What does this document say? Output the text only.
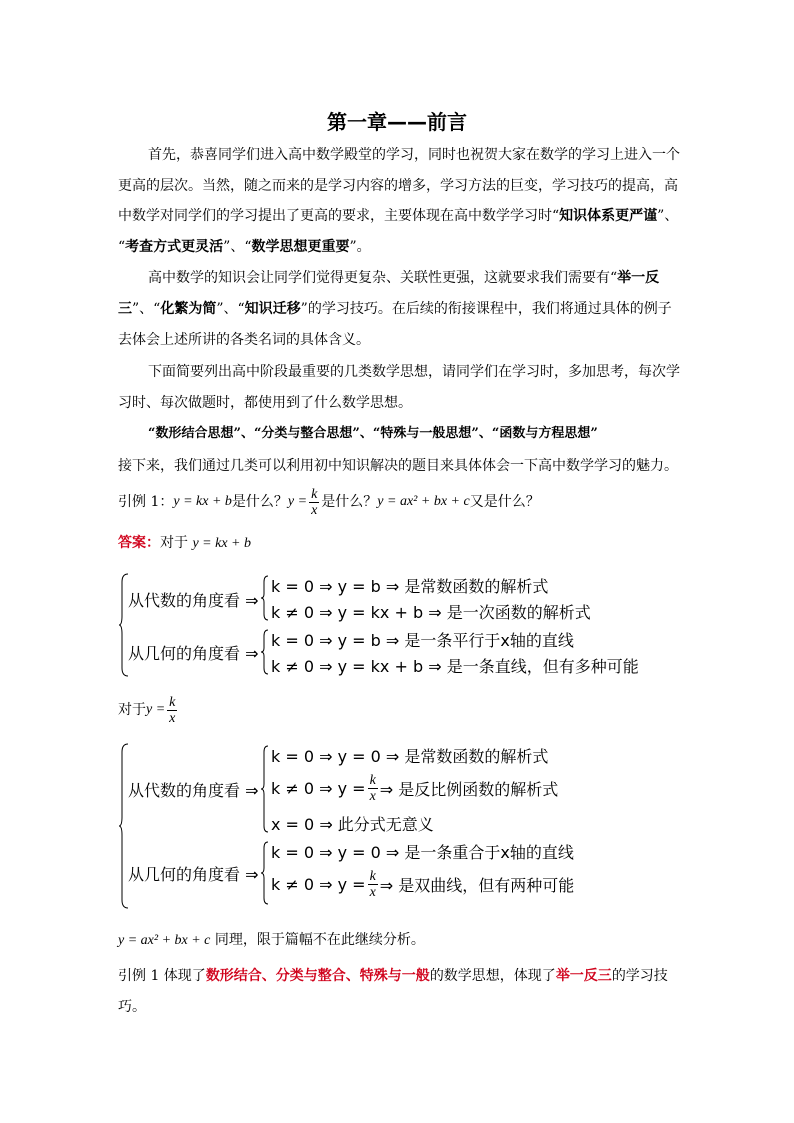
第一章——前言
首先，恭喜同学们进入高中数学殿堂的学习，同时也祝贺大家在数学的学习上进入一个
更高的层次。当然，随之而来的是学习内容的增多，学习方法的巨变，学习技巧的提高，高
中数学对同学们的学习提出了更高的要求，主要体现在高中数学学习时“知识体系更严谨”、
“考查方式更灵活”、“数学思想更重要”。
高中数学的知识会让同学们觉得更复杂、关联性更强，这就要求我们需要有“举一反
三”、“化繁为简”、“知识迁移”的学习技巧。在后续的衔接课程中，我们将通过具体的例子
去体会上述所讲的各类名词的具体含义。
下面简要列出高中阶段最重要的几类数学思想，请同学们在学习时，多加思考，每次学
习时、每次做题时，都使用到了什么数学思想。
“数形结合思想”、“分类与整合思想”、“特殊与一般思想”、“函数与方程思想”
接下来，我们通过几类可以利用初中知识解决的题目来具体体会一下高中数学学习的魅力。
引例 1： y = kx + b 是什么？ $y = \frac{k}{x}$ 是什么？ y = ax² + bx + c 又是什么？
答案：对于 y = kx + b
从代数的角度看 ⇒
k = 0 ⇒ y = b ⇒ 是常数函数的解析式
k ≠ 0 ⇒ y = kx + b ⇒ 是一次函数的解析式
从几何的角度看 ⇒
k = 0 ⇒ y = b ⇒ 是一条平行于x轴的直线
k ≠ 0 ⇒ y = kx + b ⇒ 是一条直线，但有多种可能
对于 $y = \frac{k}{x}$
从代数的角度看 ⇒
k = 0 ⇒ y = 0 ⇒ 是常数函数的解析式
k ≠ 0 ⇒ $y = \frac{k}{x}$ ⇒ 是反比例函数的解析式
x = 0 ⇒ 此分式无意义
从几何的角度看 ⇒
k = 0 ⇒ y = 0 ⇒ 是一条重合于x轴的直线
k ≠ 0 ⇒ $y = \frac{k}{x}$ ⇒ 是双曲线，但有两种可能
y = ax² + bx + c 同理，限于篇幅不在此继续分析。
引例 1 体现了数形结合、分类与整合、特殊与一般的数学思想，体现了举一反三的学习技
巧。
